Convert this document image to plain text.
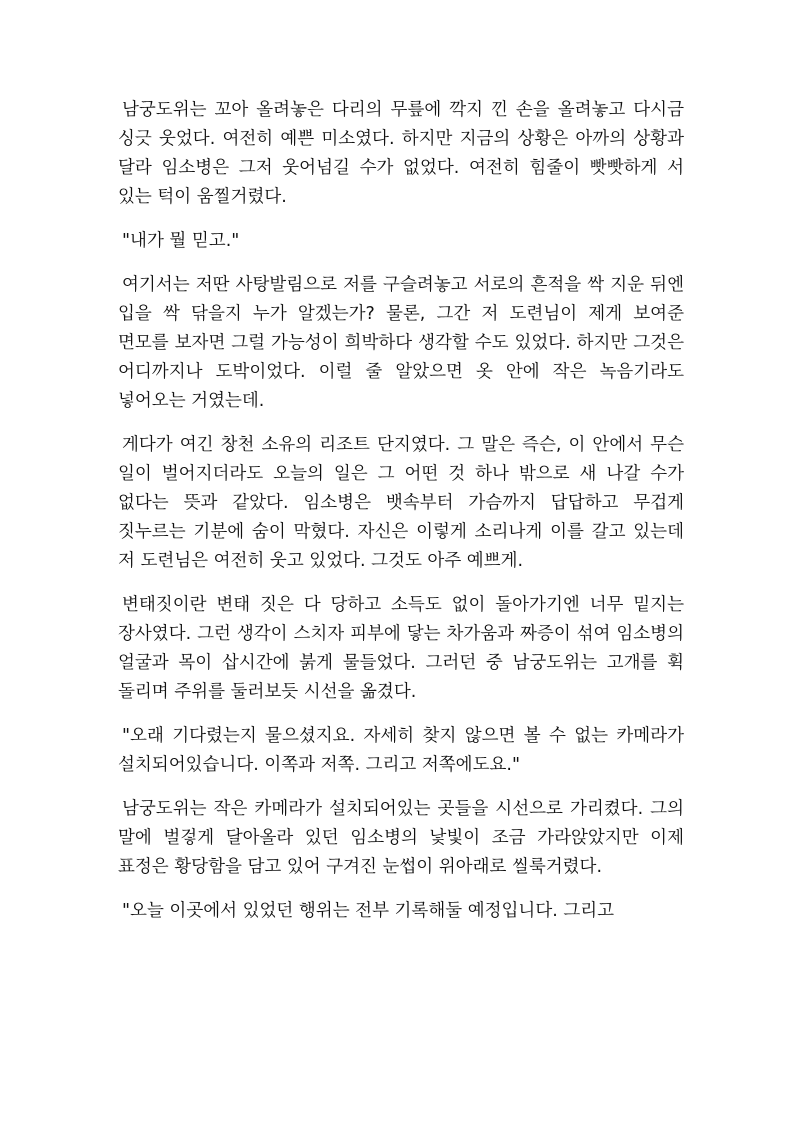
남궁도위는 꼬아 올려놓은 다리의 무릎에 깍지 낀 손을 올려놓고 다시금 싱긋 웃었다. 여전히 예쁜 미소였다. 하지만 지금의 상황은 아까의 상황과 달라 임소병은 그저 웃어넘길 수가 없었다. 여전히 힘줄이 빳빳하게 서 있는 턱이 움찔거렸다.

"내가 뭘 믿고."

여기서는 저딴 사탕발림으로 저를 구슬려놓고 서로의 흔적을 싹 지운 뒤엔 입을 싹 닦을지 누가 알겠는가? 물론, 그간 저 도련님이 제게 보여준 면모를 보자면 그럴 가능성이 희박하다 생각할 수도 있었다. 하지만 그것은 어디까지나 도박이었다. 이럴 줄 알았으면 옷 안에 작은 녹음기라도 넣어오는 거였는데.

게다가 여긴 창천 소유의 리조트 단지였다. 그 말은 즉슨, 이 안에서 무슨 일이 벌어지더라도 오늘의 일은 그 어떤 것 하나 밖으로 새 나갈 수가 없다는 뜻과 같았다. 임소병은 뱃속부터 가슴까지 답답하고 무겁게 짓누르는 기분에 숨이 막혔다. 자신은 이렇게 소리나게 이를 갈고 있는데 저 도련님은 여전히 웃고 있었다. 그것도 아주 예쁘게.

변태짓이란 변태 짓은 다 당하고 소득도 없이 돌아가기엔 너무 밑지는 장사였다. 그런 생각이 스치자 피부에 닿는 차가움과 짜증이 섞여 임소병의 얼굴과 목이 삽시간에 붉게 물들었다. 그러던 중 남궁도위는 고개를 휙 돌리며 주위를 둘러보듯 시선을 옮겼다.

"오래 기다렸는지 물으셨지요. 자세히 찾지 않으면 볼 수 없는 카메라가 설치되어있습니다. 이쪽과 저쪽. 그리고 저쪽에도요."

남궁도위는 작은 카메라가 설치되어있는 곳들을 시선으로 가리켰다. 그의 말에 벌겋게 달아올라 있던 임소병의 낯빛이 조금 가라앉았지만 이제 표정은 황당함을 담고 있어 구겨진 눈썹이 위아래로 씰룩거렸다.

"오늘 이곳에서 있었던 행위는 전부 기록해둘 예정입니다. 그리고
